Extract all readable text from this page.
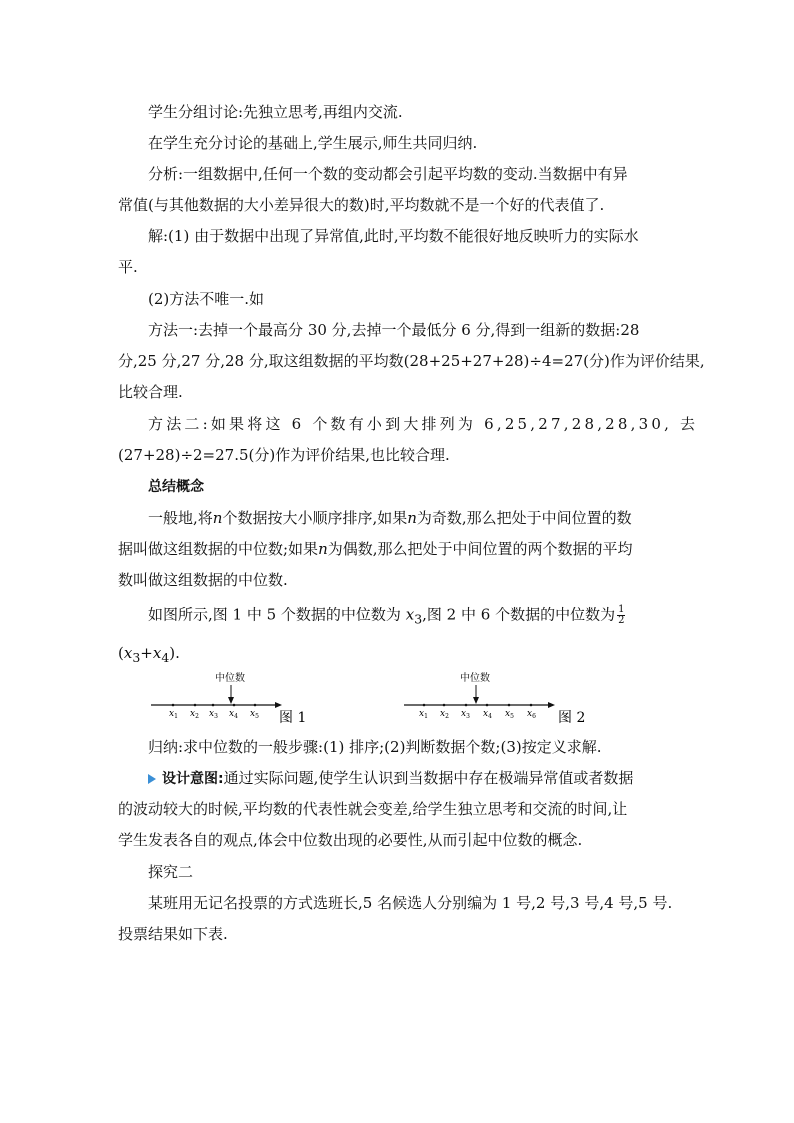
学生分组讨论:先独立思考,再组内交流.
在学生充分讨论的基础上,学生展示,师生共同归纳.
分析:一组数据中,任何一个数的变动都会引起平均数的变动.当数据中有异
常值(与其他数据的大小差异很大的数)时,平均数就不是一个好的代表值了.
解:(1) 由于数据中出现了异常值,此时,平均数不能很好地反映听力的实际水
平.
(2)方法不唯一.如
方法一:去掉一个最高分 30 分,去掉一个最低分 6 分,得到一组新的数据:28
分,25 分,27 分,28 分,取这组数据的平均数(28+25+27+28)÷4=27(分)作为评价结果,
比较合理.
方法二:如果将这 6 个数有小到大排列为 6,25,27,28,28,30, 去
(27+28)÷2=27.5(分)作为评价结果,也比较合理.
总结概念
一般地,将n个数据按大小顺序排序,如果n为奇数,那么把处于中间位置的数
据叫做这组数据的中位数;如果n为偶数,那么把处于中间位置的两个数据的平均
数叫做这组数据的中位数.
如图所示,图 1 中 5 个数据的中位数为 $x_3$,图 2 中 6 个数据的中位数为 $\frac{1}{2}$
$(x_3+x_4)$.
中位数
$x_1$ $x_2$ $x_3$ $x_4$ $x_5$ 图 1
中位数
$x_1$ $x_2$ $x_3$ $x_4$ $x_5$ $x_6$ 图 2
归纳:求中位数的一般步骤:(1) 排序;(2)判断数据个数;(3)按定义求解.
设计意图:通过实际问题,使学生认识到当数据中存在极端异常值或者数据
的波动较大的时候,平均数的代表性就会变差,给学生独立思考和交流的时间,让
学生发表各自的观点,体会中位数出现的必要性,从而引起中位数的概念.
探究二
某班用无记名投票的方式选班长,5 名候选人分别编为 1 号,2 号,3 号,4 号,5 号.
投票结果如下表.
